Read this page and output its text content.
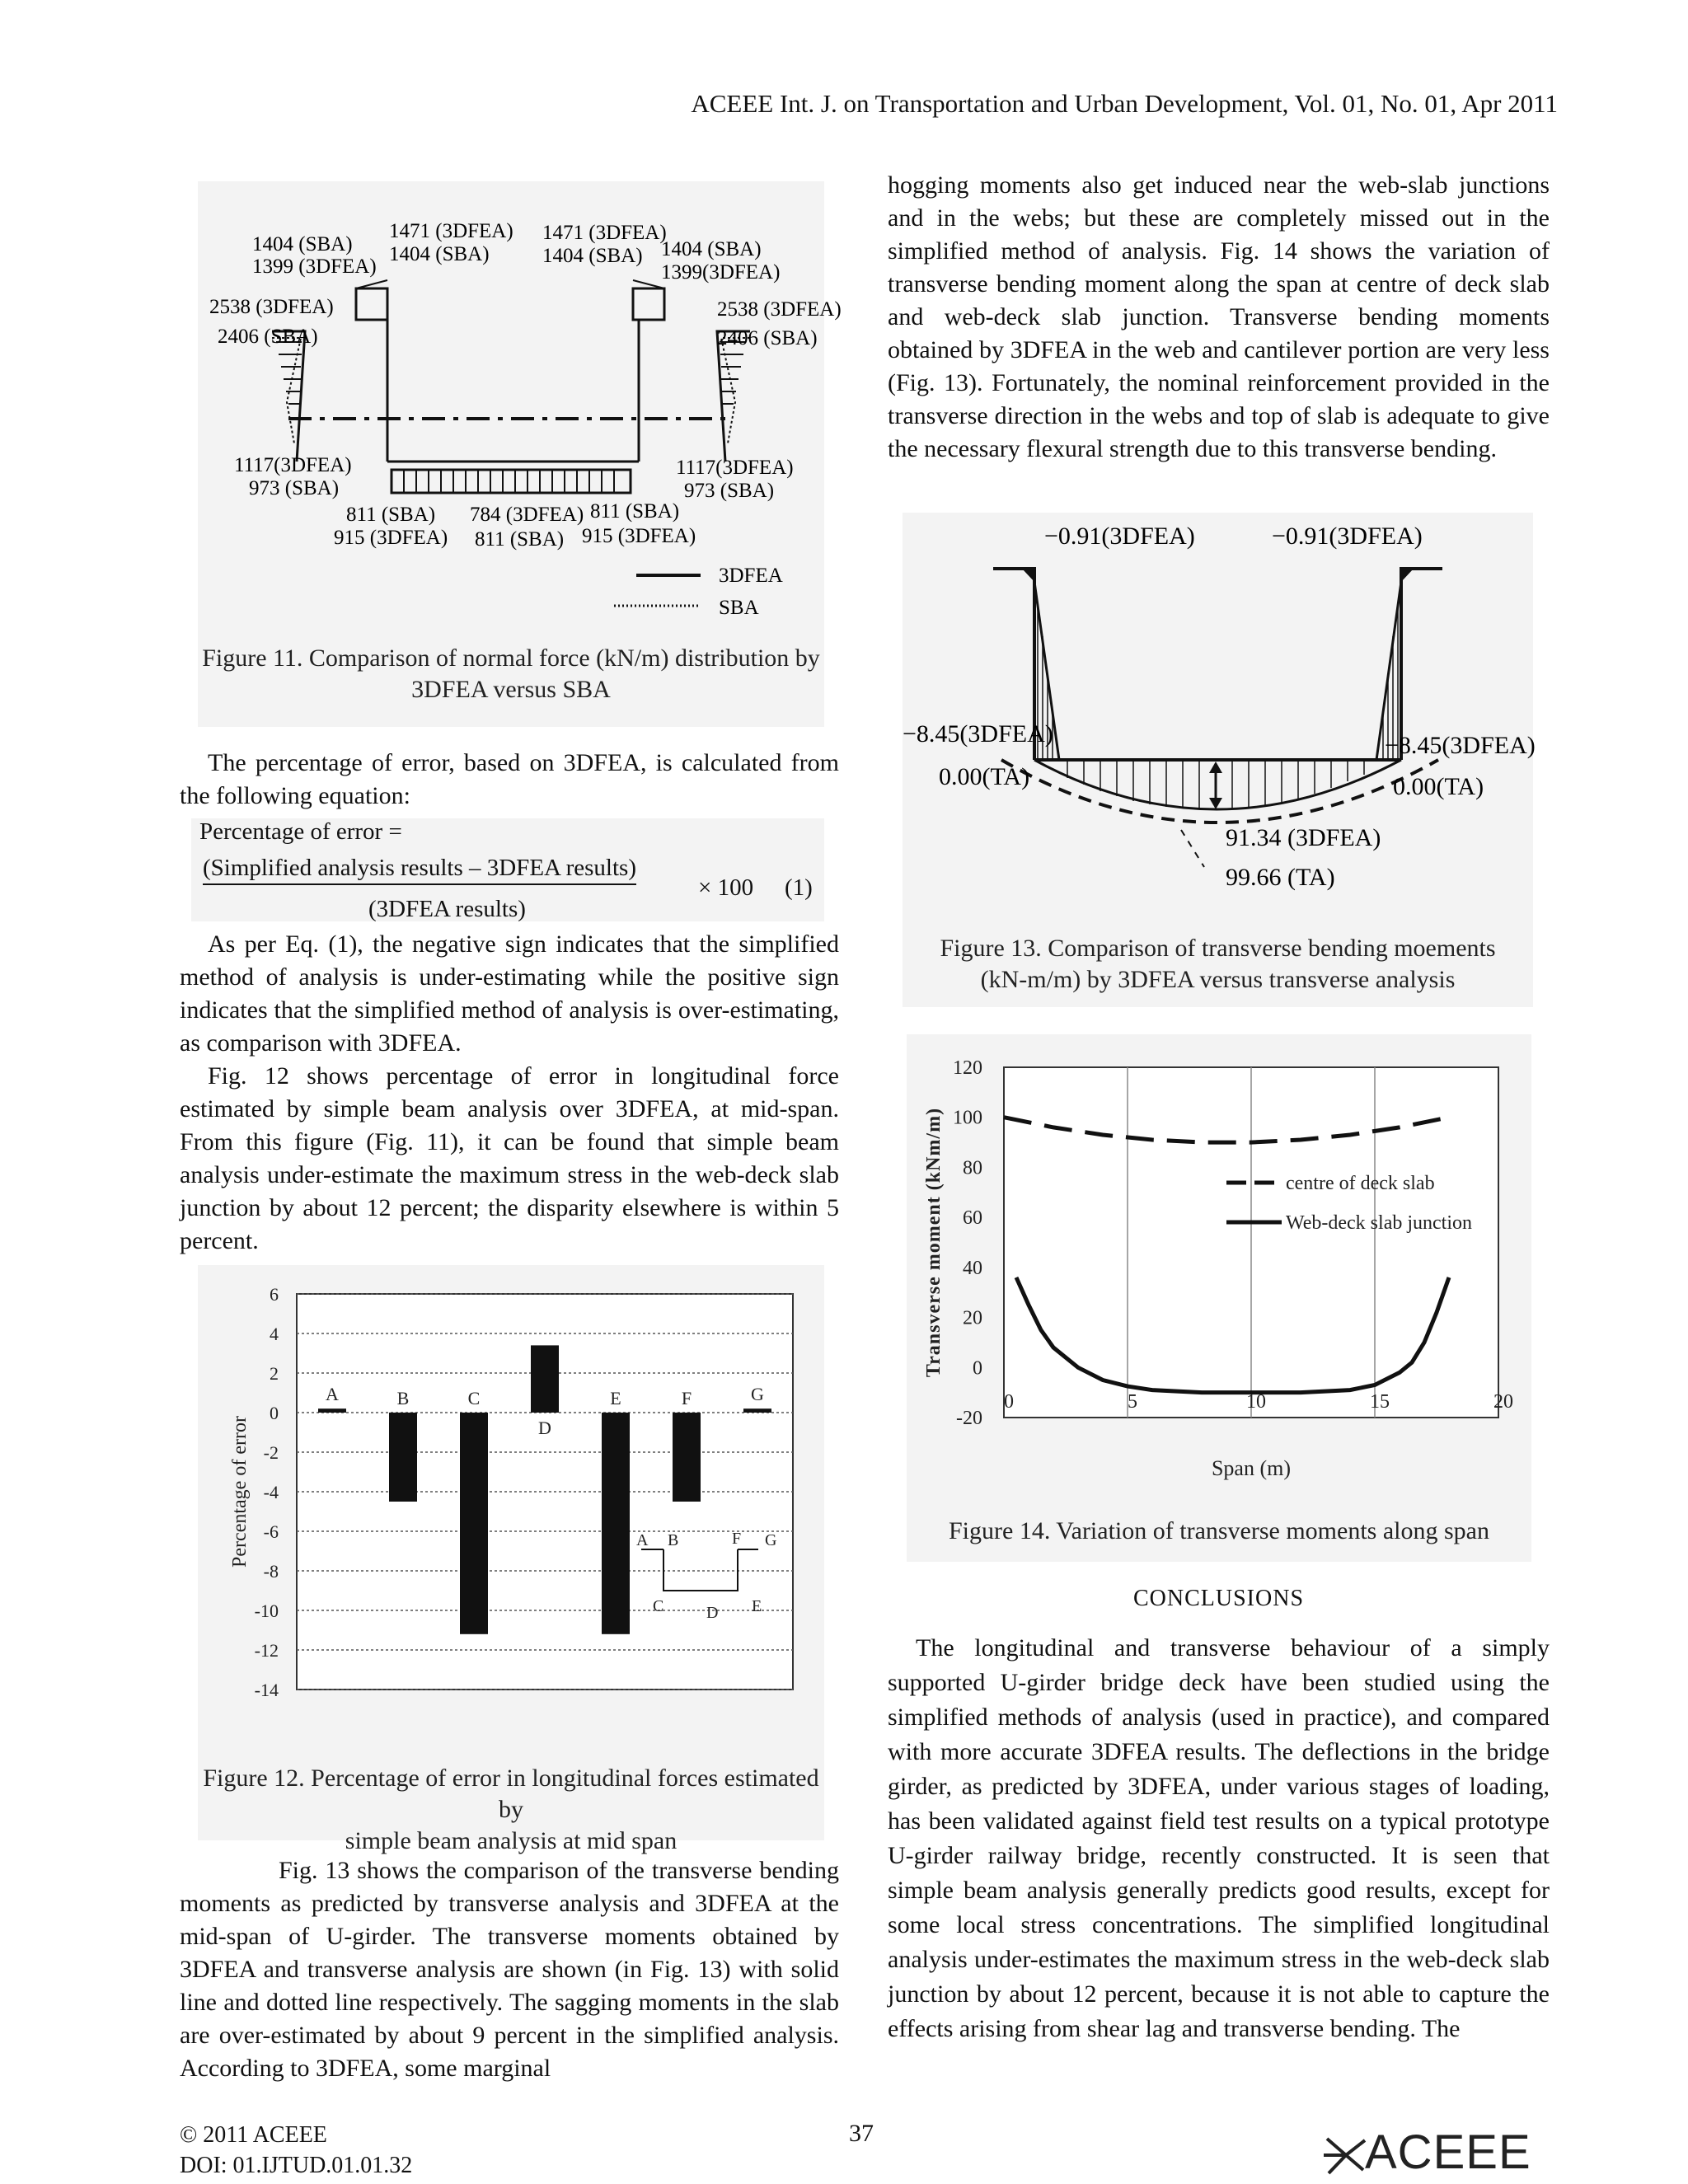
ACEEE Int. J. on Transportation and Urban Development, Vol. 01, No. 01, Apr 2011
1404 (SBA)
1399 (3DFEA)
1471 (3DFEA)
1404 (SBA)
1471 (3DFEA)
1404 (SBA) 1404 (SBA)
1399(3DFEA)
2538 (3DFEA)
2406 (SBA)
2538 (3DFEA)
2406 (SBA)
1117(3DFEA)
973 (SBA)
1117(3DFEA)
973 (SBA)
811 (SBA)
915 (3DFEA)
784 (3DFEA)
811 (SBA)
811 (SBA)
915 (3DFEA)
3DFEA
SBA
Figure 11. Comparison of normal force (kN/m) distribution by
3DFEA versus SBA

The percentage of error, based on 3DFEA, is calculated from the following equation:

Percentage of error =
(Simplified analysis results – 3DFEA results)
× 100 (1)
(3DFEA results)

As per Eq. (1), the negative sign indicates that the simplified method of analysis is under-estimating while the positive sign indicates that the simplified method of analysis is over-estimating, as comparison with 3DFEA.

Fig. 12 shows percentage of error in longitudinal force estimated by simple beam analysis over 3DFEA, at mid-span. From this figure (Fig. 11), it can be found that simple beam analysis under-estimate the maximum stress in the web-deck slab junction by about 12 percent; the disparity elsewhere is within 5 percent.

6
4
2
0
-2
-4
-6
-8
-10
-12
-14
Percentage of error
A	B	C
D
E	F	G
A B
C	D E
F G
Figure 12. Percentage of error in longitudinal forces estimated by
simple beam analysis at mid span

Fig. 13 shows the comparison of the transverse bending moments as predicted by transverse analysis and 3DFEA at the mid-span of U-girder. The transverse moments obtained by 3DFEA and transverse analysis are shown (in Fig. 13) with solid line and dotted line respectively. The sagging moments in the slab are over-estimated by about 9 percent in the simplified analysis. According to 3DFEA, some marginal

hogging moments also get induced near the web-slab junctions and in the webs; but these are completely missed out in the simplified method of analysis. Fig. 14 shows the variation of transverse bending moment along the span at centre of deck slab and web-deck slab junction. Transverse bending moments obtained by 3DFEA in the web and cantilever portion are very less (Fig. 13). Fortunately, the nominal reinforcement provided in the transverse direction in the webs and top of slab is adequate to give the necessary flexural strength due to this transverse bending.

−0.91(3DFEA)	−0.91(3DFEA)
−8.45(3DFEA)
0.00(TA)
−8.45(3DFEA)
0.00(TA)
91.34 (3DFEA)
99.66 (TA)
Figure 13. Comparison of transverse bending moements
(kN-m/m) by 3DFEA versus transverse analysis
0	5	10	15	20
120
100
80
60
40
20
0
-20
Span (m)
Transverse moment (kNm/m)	centre of deck slab
Web-deck slab junction
Figure 14. Variation of transverse moments along span
CONCLUSIONS

The longitudinal and transverse behaviour of a simply supported U-girder bridge deck have been studied using the simplified methods of analysis (used in practice), and compared with more accurate 3DFEA results. The deflections in the bridge girder, as predicted by 3DFEA, under various stages of loading, has been validated against field test results on a typical prototype U-girder railway bridge, recently constructed. It is seen that simple beam analysis generally predicts good results, except for some local stress concentrations. The simplified longitudinal analysis under-estimates the maximum stress in the web-deck slab junction by about 12 percent, because it is not able to capture the effects arising from shear lag and transverse bending. The

© 2011 ACEEE
DOI: 01.IJTUD.01.01.32
37	ACEEE
